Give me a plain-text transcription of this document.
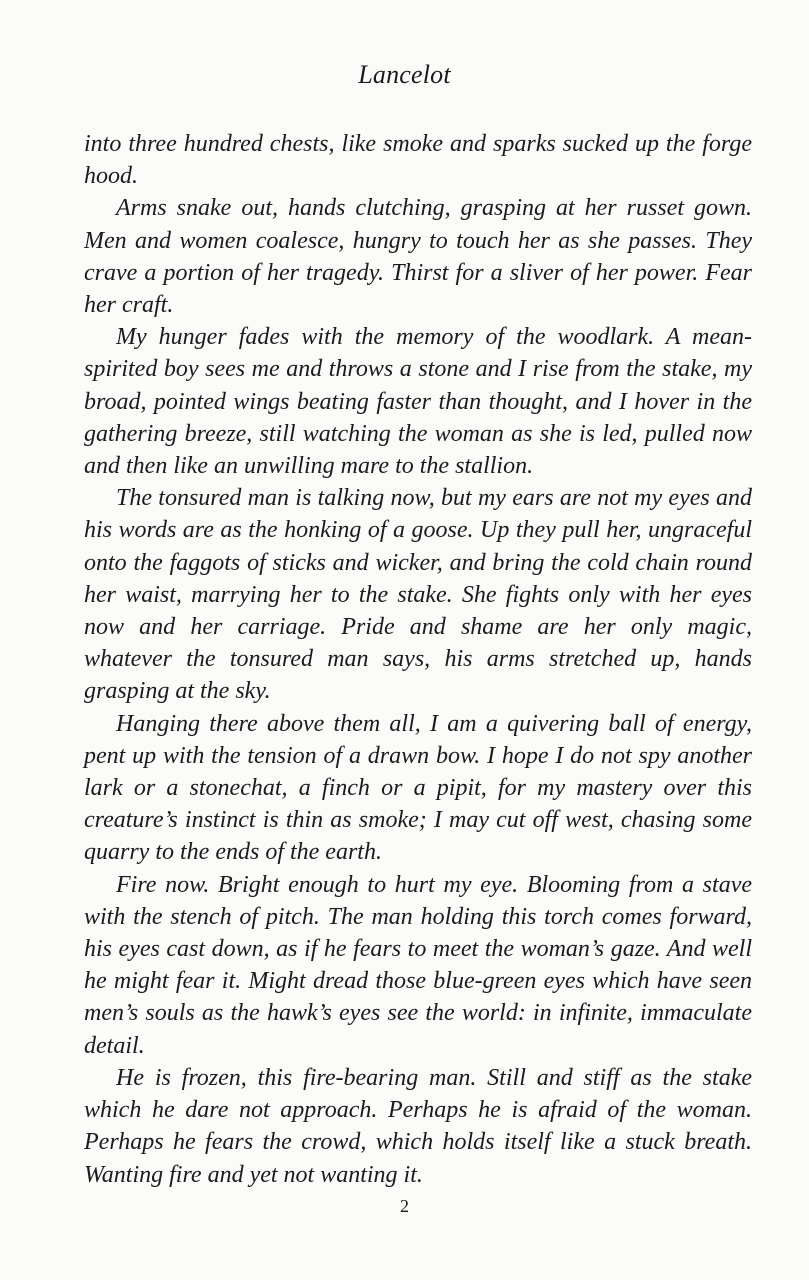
Lancelot

into three hundred chests, like smoke and sparks sucked up the forge hood.

Arms snake out, hands clutching, grasping at her russet gown. Men and women coalesce, hungry to touch her as she passes. They crave a portion of her tragedy. Thirst for a sliver of her power. Fear her craft.

My hunger fades with the memory of the woodlark. A mean-spirited boy sees me and throws a stone and I rise from the stake, my broad, pointed wings beating faster than thought, and I hover in the gathering breeze, still watching the woman as she is led, pulled now and then like an unwilling mare to the stallion.

The tonsured man is talking now, but my ears are not my eyes and his words are as the honking of a goose. Up they pull her, ungraceful onto the faggots of sticks and wicker, and bring the cold chain round her waist, marrying her to the stake. She fights only with her eyes now and her carriage. Pride and shame are her only magic, whatever the tonsured man says, his arms stretched up, hands grasping at the sky.

Hanging there above them all, I am a quivering ball of energy, pent up with the tension of a drawn bow. I hope I do not spy another lark or a stonechat, a finch or a pipit, for my mastery over this creature’s instinct is thin as smoke; I may cut off west, chasing some quarry to the ends of the earth.

Fire now. Bright enough to hurt my eye. Blooming from a stave with the stench of pitch. The man holding this torch comes forward, his eyes cast down, as if he fears to meet the woman’s gaze. And well he might fear it. Might dread those blue-green eyes which have seen men’s souls as the hawk’s eyes see the world: in infinite, immaculate detail.

He is frozen, this fire-bearing man. Still and stiff as the stake which he dare not approach. Perhaps he is afraid of the woman. Perhaps he fears the crowd, which holds itself like a stuck breath. Wanting fire and yet not wanting it.

2
